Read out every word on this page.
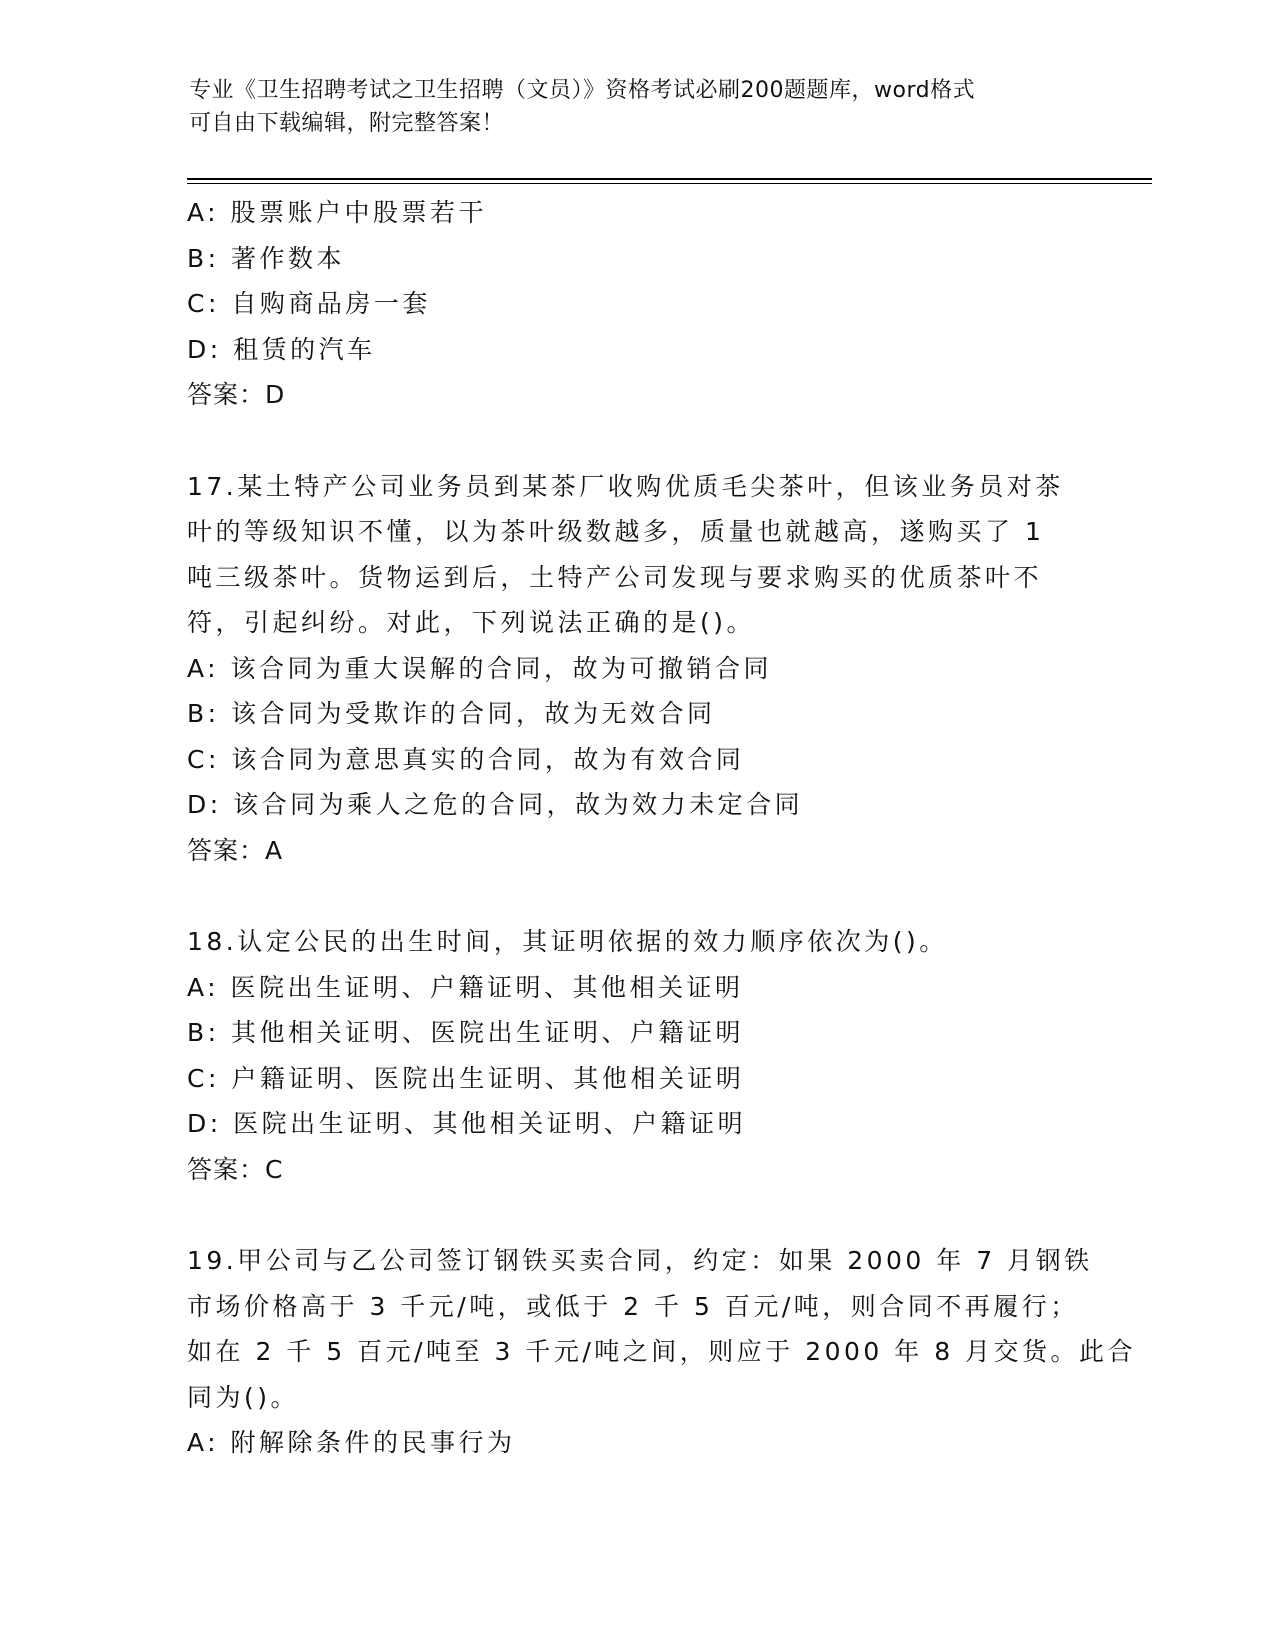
专业《卫生招聘考试之卫生招聘（文员）》资格考试必刷200题题库，word格式

可自由下载编辑，附完整答案！

A: 股票账户中股票若干
B: 著作数本
C: 自购商品房一套
D: 租赁的汽车
答案：D
17.某土特产公司业务员到某茶厂收购优质毛尖茶叶，但该业务员对茶
叶的等级知识不懂，以为茶叶级数越多，质量也就越高，遂购买了 1
吨三级茶叶。货物运到后，土特产公司发现与要求购买的优质茶叶不
符，引起纠纷。对此，下列说法正确的是()。
A: 该合同为重大误解的合同，故为可撤销合同
B: 该合同为受欺诈的合同，故为无效合同
C: 该合同为意思真实的合同，故为有效合同
D: 该合同为乘人之危的合同，故为效力未定合同
答案：A
18.认定公民的出生时间，其证明依据的效力顺序依次为()。
A: 医院出生证明、户籍证明、其他相关证明
B: 其他相关证明、医院出生证明、户籍证明
C: 户籍证明、医院出生证明、其他相关证明
D: 医院出生证明、其他相关证明、户籍证明
答案：C
19.甲公司与乙公司签订钢铁买卖合同，约定：如果 2000 年 7 月钢铁
市场价格高于 3 千元/吨，或低于 2 千 5 百元/吨，则合同不再履行；
如在 2 千 5 百元/吨至 3 千元/吨之间，则应于 2000 年 8 月交货。此合
同为()。
A: 附解除条件的民事行为
